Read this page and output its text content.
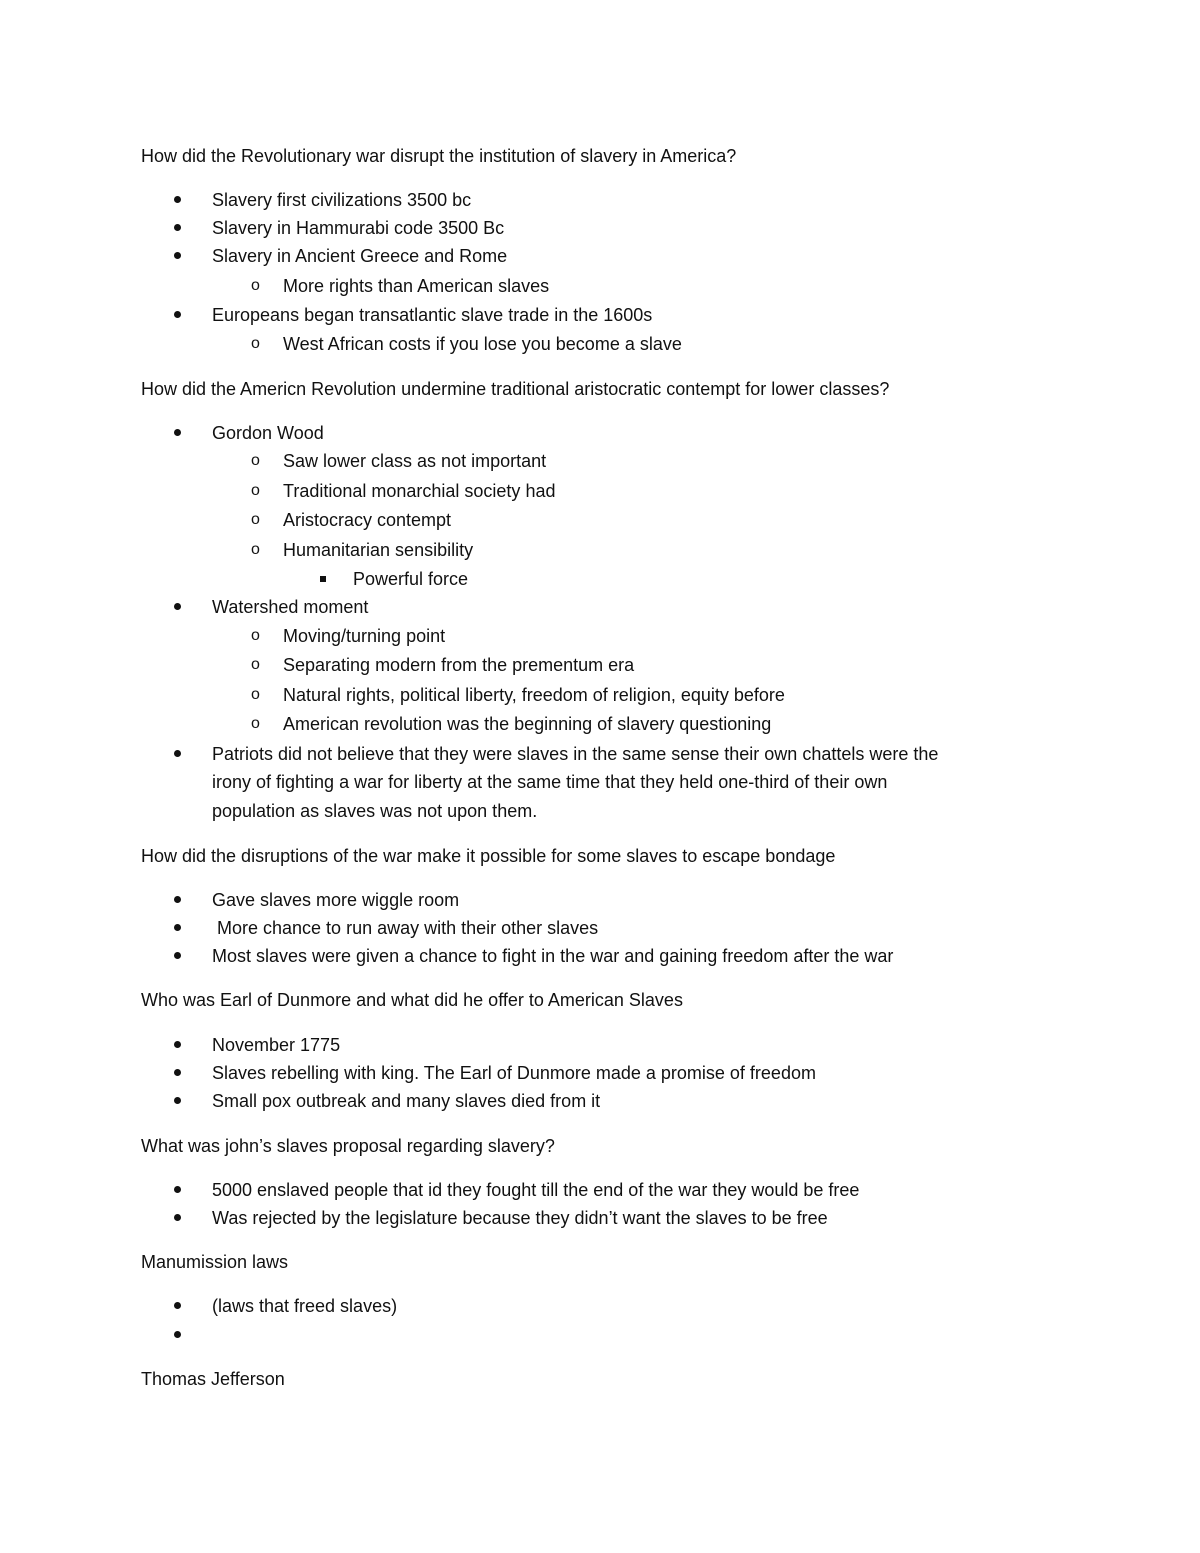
How did the Revolutionary war disrupt the institution of slavery in America?
Slavery first civilizations 3500 bc
Slavery in Hammurabi code 3500 Bc
Slavery in Ancient Greece and Rome
o More rights than American slaves
Europeans began transatlantic slave trade in the 1600s
o West African costs if you lose you become a slave
How did the Americn Revolution undermine traditional aristocratic contempt for lower classes?
Gordon Wood
o Saw lower class as not important
o Traditional monarchial society had
o Aristocracy contempt
o Humanitarian sensibility
Powerful force
Watershed moment
o Moving/turning point
o Separating modern from the prementum era
o Natural rights, political liberty, freedom of religion, equity before
o American revolution was the beginning of slavery questioning
Patriots did not believe that they were slaves in the same sense their own chattels were the
irony of fighting a war for liberty at the same time that they held one-third of their own
population as slaves was not upon them.
How did the disruptions of the war make it possible for some slaves to escape bondage
Gave slaves more wiggle room
More chance to run away with their other slaves
Most slaves were given a chance to fight in the war and gaining freedom after the war
Who was Earl of Dunmore and what did he offer to American Slaves
November 1775
Slaves rebelling with king. The Earl of Dunmore made a promise of freedom
Small pox outbreak and many slaves died from it
What was john’s slaves proposal regarding slavery?
5000 enslaved people that id they fought till the end of the war they would be free
Was rejected by the legislature because they didn’t want the slaves to be free
Manumission laws
(laws that freed slaves)
Thomas Jefferson
